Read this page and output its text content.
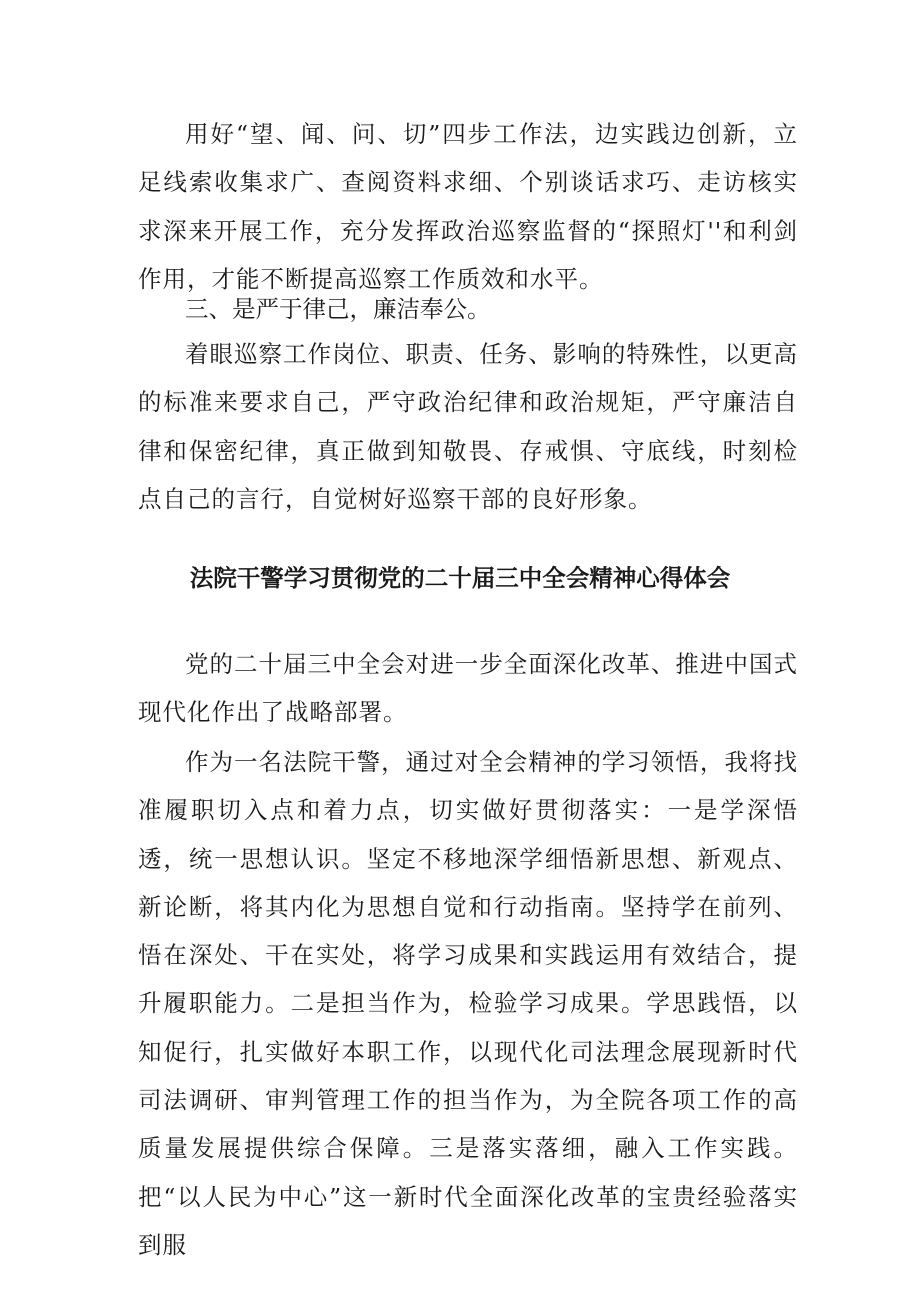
用好“望、闻、问、切”四步工作法，边实践边创新，立足线索收集求广、查阅资料求细、个别谈话求巧、走访核实求深来开展工作，充分发挥政治巡察监督的“探照灯''和利剑作用，才能不断提高巡察工作质效和水平。

三、是严于律己，廉洁奉公。

着眼巡察工作岗位、职责、任务、影响的特殊性，以更高的标准来要求自己，严守政治纪律和政治规矩，严守廉洁自律和保密纪律，真正做到知敬畏、存戒惧、守底线，时刻检点自己的言行，自觉树好巡察干部的良好形象。

法院干警学习贯彻党的二十届三中全会精神心得体会

党的二十届三中全会对进一步全面深化改革、推进中国式现代化作出了战略部署。

作为一名法院干警，通过对全会精神的学习领悟，我将找准履职切入点和着力点，切实做好贯彻落实：一是学深悟透，统一思想认识。坚定不移地深学细悟新思想、新观点、新论断，将其内化为思想自觉和行动指南。坚持学在前列、悟在深处、干在实处，将学习成果和实践运用有效结合，提升履职能力。二是担当作为，检验学习成果。学思践悟，以知促行，扎实做好本职工作，以现代化司法理念展现新时代司法调研、审判管理工作的担当作为，为全院各项工作的高质量发展提供综合保障。三是落实落细，融入工作实践。把“以人民为中心”这一新时代全面深化改革的宝贵经验落实到服
